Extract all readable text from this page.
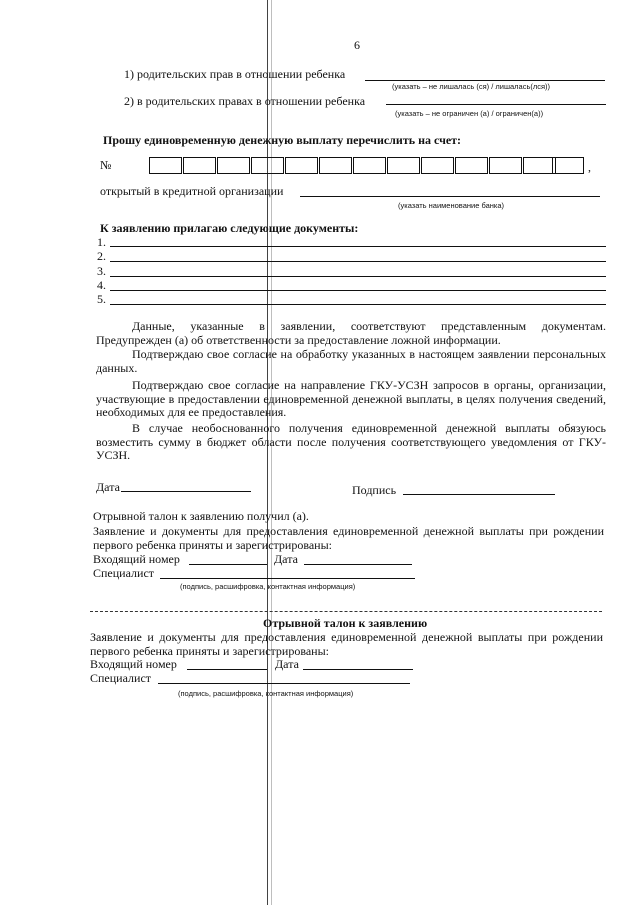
6
1) родительских прав в отношении ребенка
(указать – не лишалась (ся) / лишалась(лся))
2) в родительских правах в отношении ребенка
(указать – не ограничен (а) / ограничен(а))
Прошу единовременную денежную выплату перечислить на счет:
№	,
открытый в кредитной организации
(указать наименование банка)
К заявлению прилагаю следующие документы:
1.
2.
3.
4.
5.
Данные, указанные в заявлении, соответствуют представленным документам. Предупрежден (а) об ответственности за предоставление ложной информации.
Подтверждаю свое согласие на обработку указанных в настоящем заявлении персональных данных.
Подтверждаю свое согласие на направление ГКУ-УСЗН запросов в органы, организации, участвующие в предоставлении единовременной денежной выплаты, в целях получения сведений, необходимых для ее предоставления.
В случае необоснованного получения единовременной денежной выплаты обязуюсь возместить сумму в бюджет области после получения соответствующего уведомления от ГКУ-УСЗН.
Дата	Подпись
Отрывной талон к заявлению получил (а).
Заявление и документы для предоставления единовременной денежной выплаты при рождении первого ребенка приняты и зарегистрированы:
Входящий номер	Дата
Специалист
(подпись, расшифровка, контактная информация)
Отрывной талон к заявлению
Заявление и документы для предоставления единовременной денежной выплаты при рождении первого ребенка приняты и зарегистрированы:
Входящий номер	Дата
Специалист
(подпись, расшифровка, контактная информация)
